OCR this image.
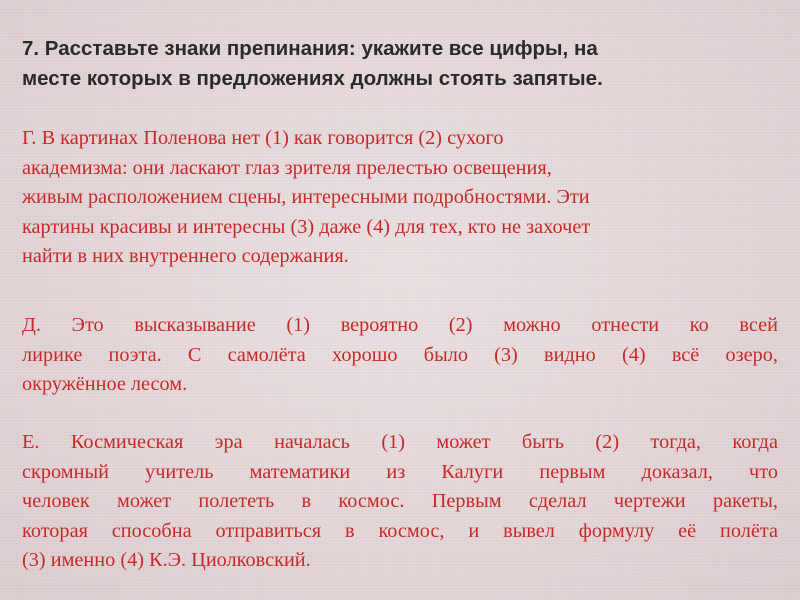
7. Расставьте знаки препинания: укажите все цифры, на
месте которых в предложениях должны стоять запятые.
Г. В картинах Поленова нет (1) как говорится (2) сухого
академизма: они ласкают глаз зрителя прелестью освещения,
живым расположением сцены, интересными подробностями. Эти
картины красивы и интересны (3) даже (4) для тех, кто не захочет
найти в них внутреннего содержания.
Д. Это высказывание (1) вероятно (2) можно отнести ко всей
лирике поэта. С самолёта хорошо было (3) видно (4) всё озеро,
окружённое лесом.
Е. Космическая эра началась (1) может быть (2) тогда, когда
скромный учитель математики из Калуги первым доказал, что
человек может полететь в космос. Первым сделал чертежи ракеты,
которая способна отправиться в космос, и вывел формулу её полёта
(3) именно (4) К.Э. Циолковский.
